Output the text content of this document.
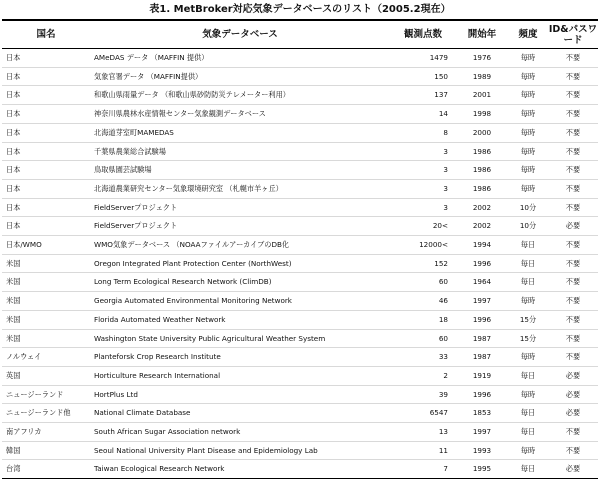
表1. MetBroker対応気象データベースのリスト（2005.2現在）
国名	気象データベース	観測点数	開始年	頻度	ID&パスワード
日本	AMeDAS データ （MAFFIN 提供）	1479	1976	毎時	不要
日本	気象官署データ （MAFFIN提供）	150	1989	毎時	不要
日本	和歌山県雨量データ （和歌山県砂防防災テレメーター利用）	137	2001	毎時	不要
日本	神奈川県農林水産情報センター気象観測データベース	14	1998	毎時	不要
日本	北海道芽室町MAMEDAS	8	2000	毎時	不要
日本	千葉県農業総合試験場	3	1986	毎時	不要
日本	鳥取県園芸試験場	3	1986	毎時	不要
日本	北海道農業研究センター気象環境研究室 （札幌市羊ヶ丘）	3	1986	毎時	不要
日本	FieldServerプロジェクト	3	2002	10分	不要
日本	FieldServerプロジェクト	20<	2002	10分	必要
日本/WMO	WMO気象データベース （NOAAファイルアーカイブのDB化	12000<	1994	毎日	不要
米国	Oregon Integrated Plant Protection Center (NorthWest)	152	1996	毎日	不要
米国	Long Term Ecological Research Network (ClimDB)	60	1964	毎日	不要
米国	Georgia Automated Environmental Monitoring Network	46	1997	毎時	不要
米国	Florida Automated Weather Network	18	1996	15分	不要
米国	Washington State University Public Agricultural Weather System	60	1987	15分	不要
ノルウェイ	Planteforsk Crop Research Institute	33	1987	毎時	不要
英国	Horticulture Research International	2	1919	毎日	必要
ニュージーランド	HortPlus Ltd	39	1996	毎時	必要
ニュージーランド他	National Climate Database	6547	1853	毎日	必要
南アフリカ	South African Sugar Association network	13	1997	毎日	不要
韓国	Seoul National University Plant Disease and Epidemiology Lab	11	1993	毎時	不要
台湾	Taiwan Ecological Research Network	7	1995	毎日	必要
